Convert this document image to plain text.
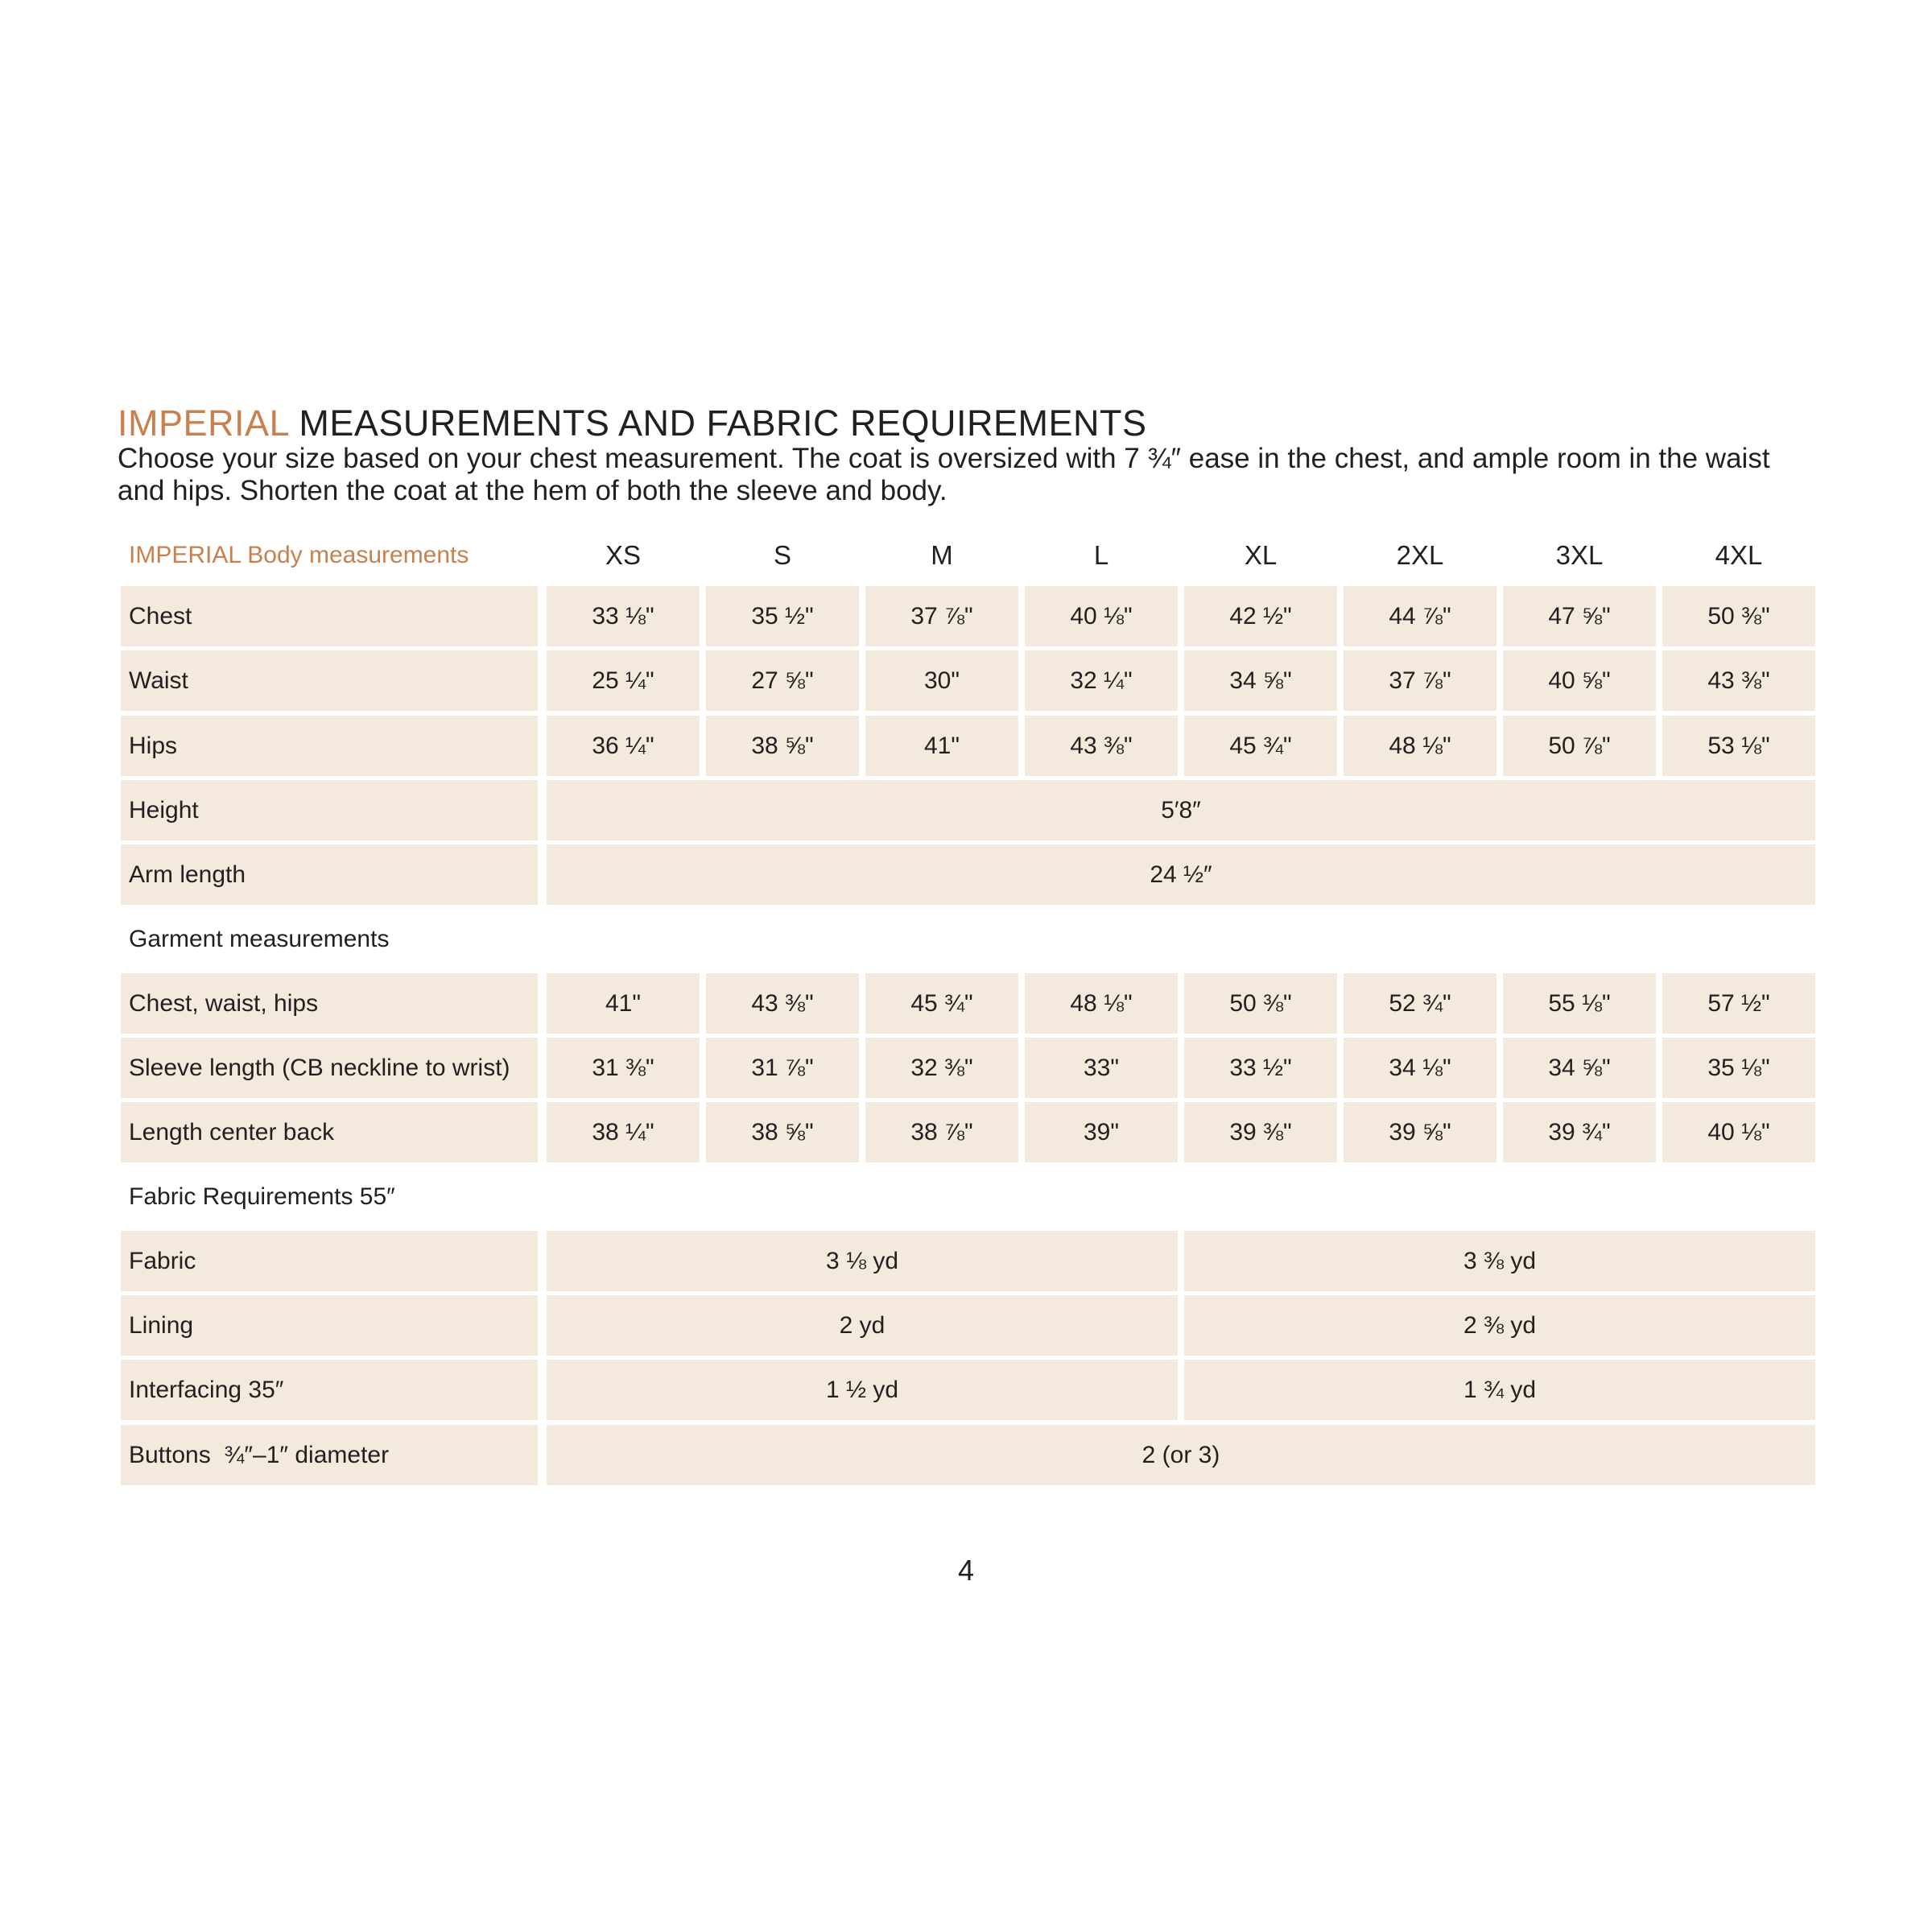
IMPERIAL MEASUREMENTS AND FABRIC REQUIREMENTS

Choose your size based on your chest measurement. The coat is oversized with 7 ¾″ ease in the chest, and ample room in the waist and hips. Shorten the coat at the hem of both the sleeve and body.

IMPERIAL Body measurements	XS	S	M	L	XL	2XL	3XL	4XL
Chest	33 ⅛"	35 ½"	37 ⅞"	40 ⅛"	42 ½"	44 ⅞"	47 ⅝"	50 ⅜"
Waist	25 ¼"	27 ⅝"	30"	32 ¼"	34 ⅝"	37 ⅞"	40 ⅝"	43 ⅜"
Hips	36 ¼"	38 ⅝"	41"	43 ⅜"	45 ¾"	48 ⅛"	50 ⅞"	53 ⅛"
Height	5′8″
Arm length	24 ½″
Garment measurements
Chest, waist, hips	41"	43 ⅜"	45 ¾"	48 ⅛"	50 ⅜"	52 ¾"	55 ⅛"	57 ½"
Sleeve length (CB neckline to wrist)	31 ⅜"	31 ⅞"	32 ⅜"	33"	33 ½"	34 ⅛"	34 ⅝"	35 ⅛"
Length center back	38 ¼"	38 ⅝"	38 ⅞"	39"	39 ⅜"	39 ⅝"	39 ¾"	40 ⅛"
Fabric Requirements 55″
Fabric	3 ⅛ yd	3 ⅜ yd
Lining	2 yd	2 ⅜ yd
Interfacing 35″	1 ½ yd	1 ¾ yd
Buttons  ¾″–1″ diameter	2 (or 3)
4
